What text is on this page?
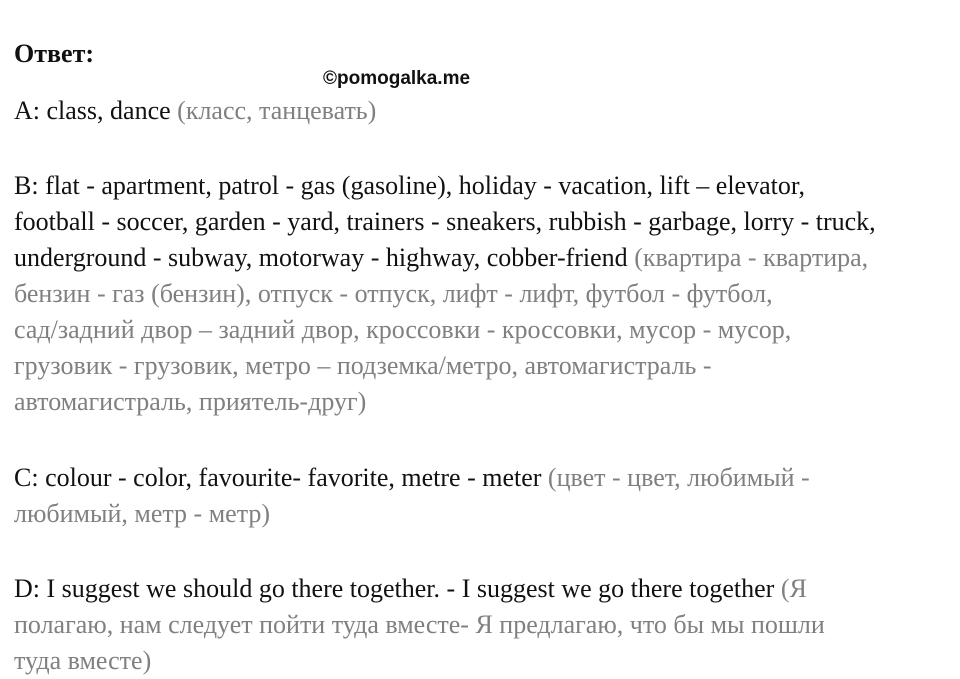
Ответ:
©pomogalka.me

A: class, dance (класс, танцевать)

B: flat - apartment, patrol - gas (gasoline), holiday - vacation, lift – elevator, football - soccer, garden - yard, trainers - sneakers, rubbish - garbage, lorry - truck, underground - subway, motorway - highway, cobber-friend (квартира - квартира, бензин - газ (бензин), отпуск - отпуск, лифт - лифт, футбол - футбол, сад/задний двор – задний двор, кроссовки - кроссовки, мусор - мусор, грузовик - грузовик, метро – подземка/метро, автомагистраль - автомагистраль, приятель-друг)
C: colour - color, favourite- favorite, metre - meter (цвет - цвет, любимый - любимый, метр - метр)
D: I suggest we should go there together. - I suggest we go there together (Я полагаю, нам следует пойти туда вместе- Я предлагаю, что бы мы пошли туда вместе)
